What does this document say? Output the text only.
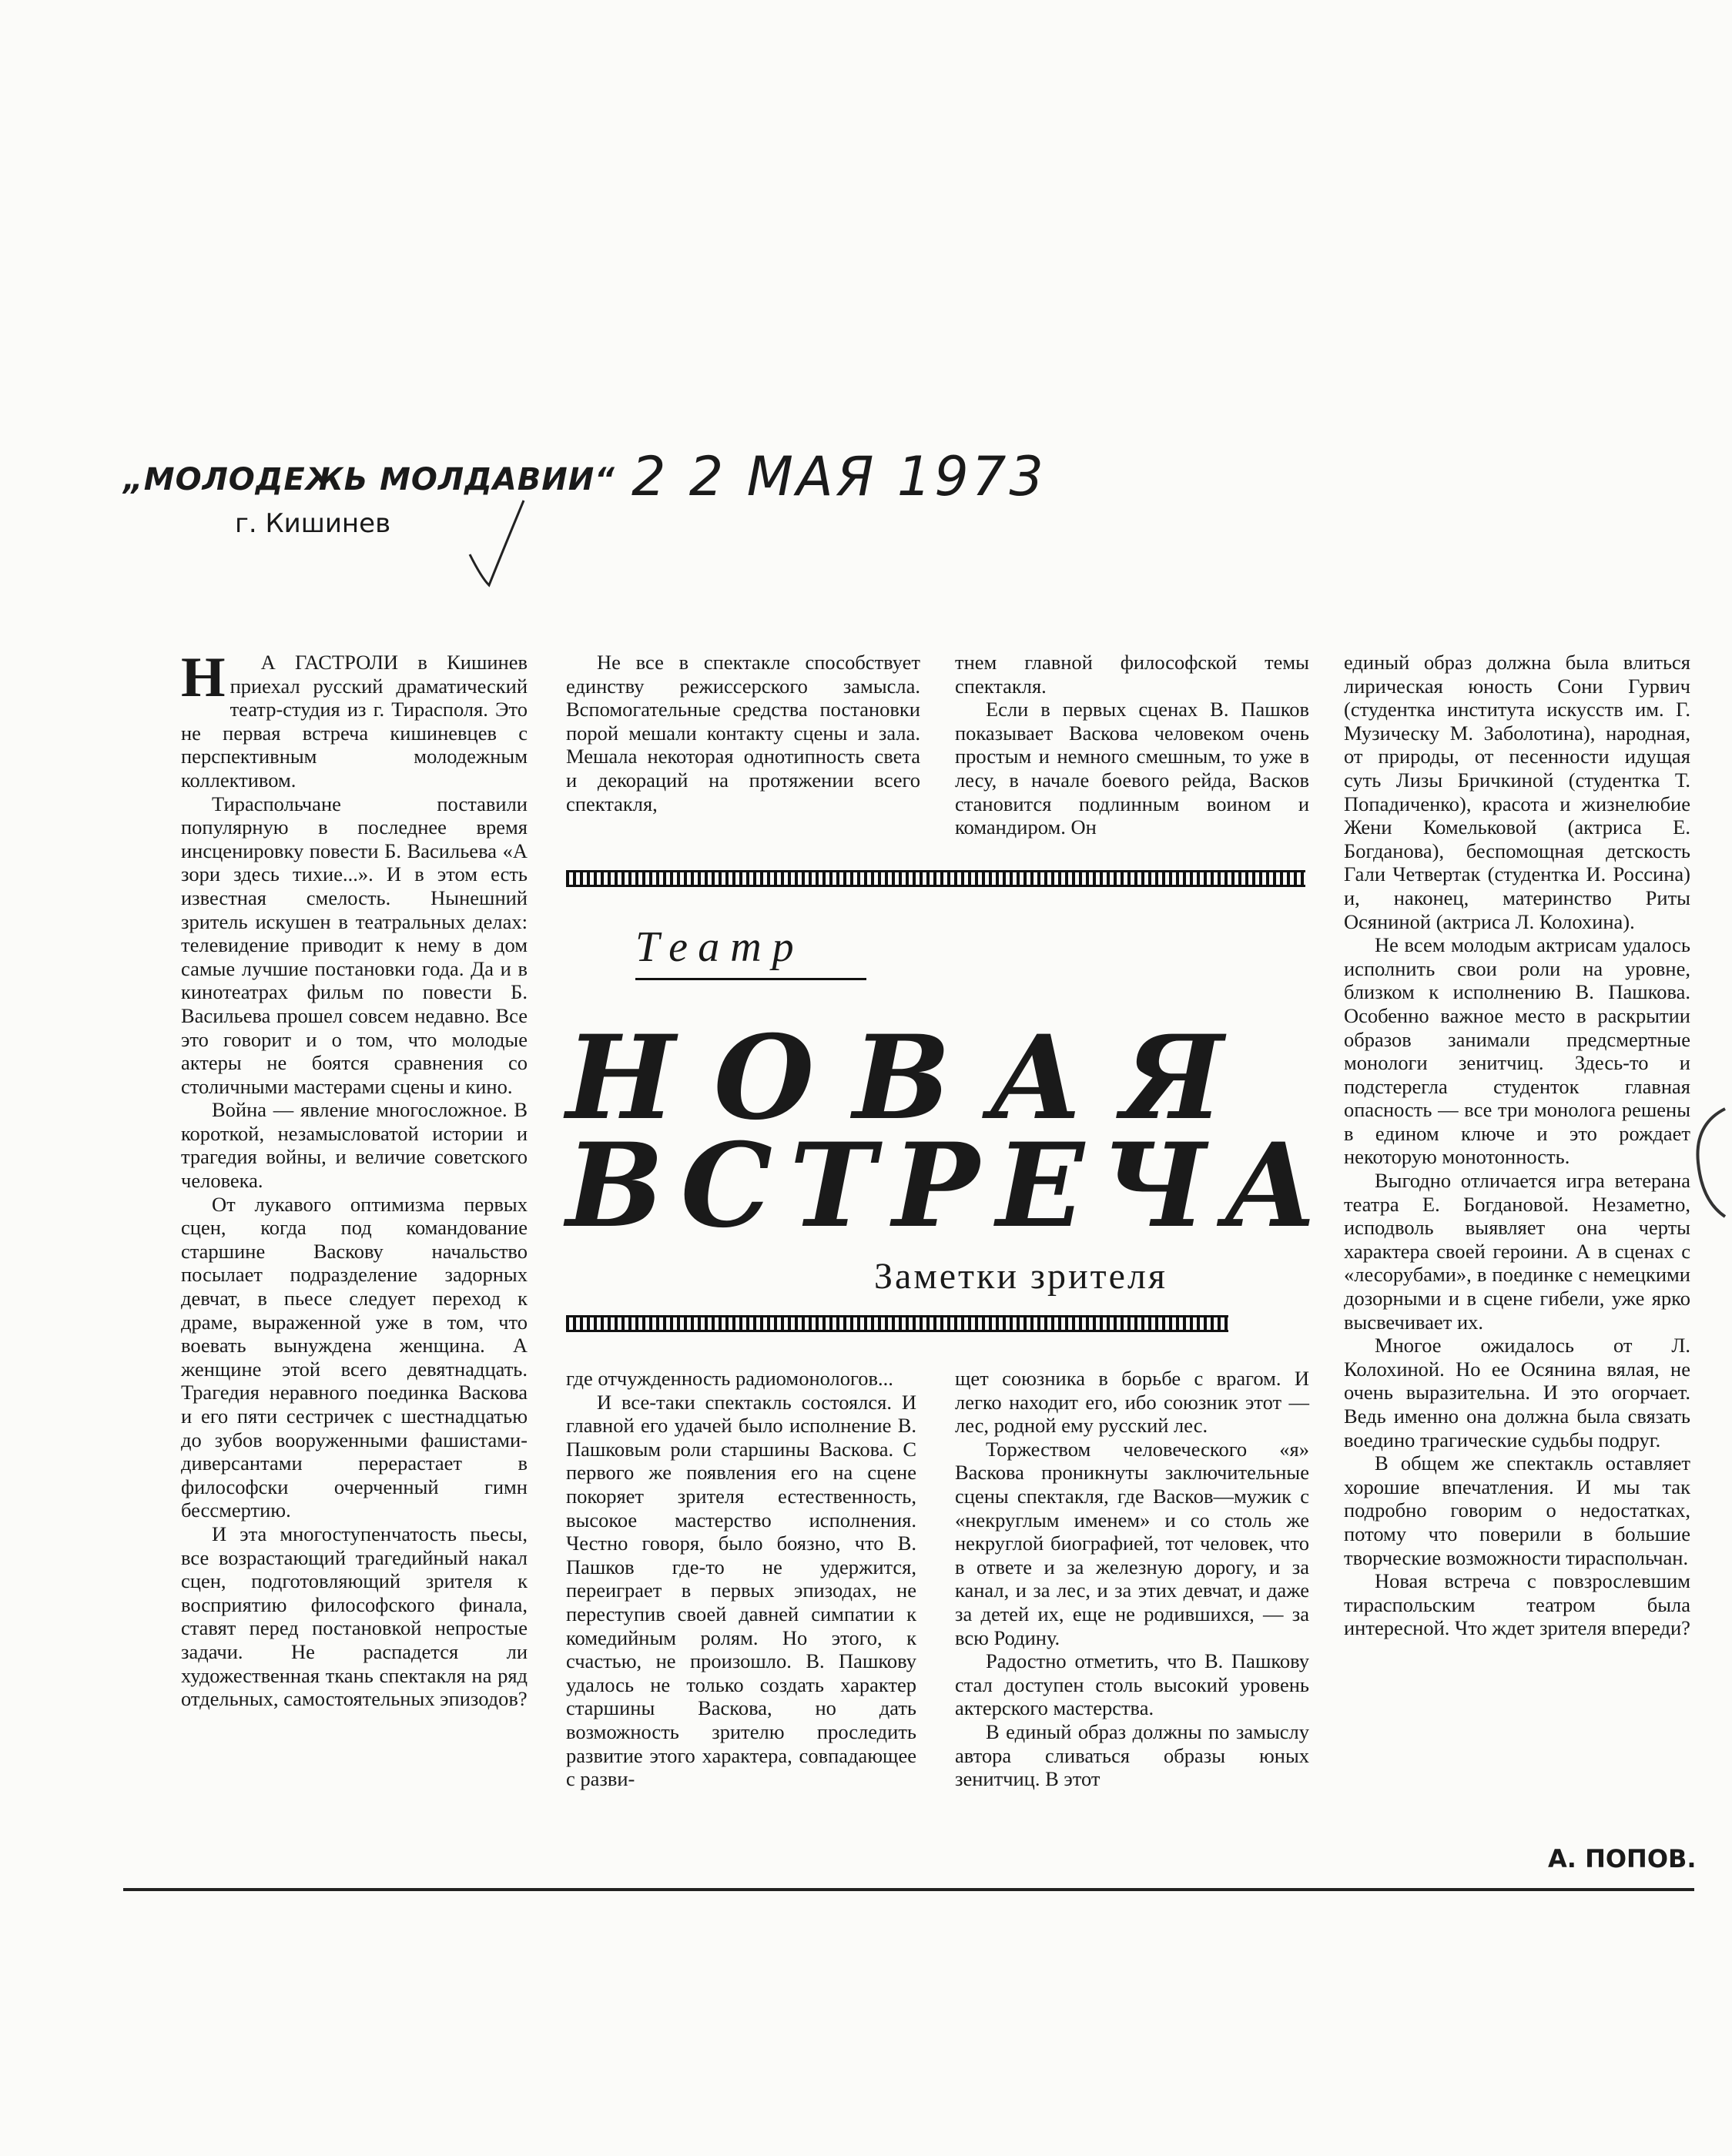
„МОЛОДЕЖЬ МОЛДАВИИ“
г. Кишинев
2 2 МАЯ 1973

Н А ГАСТРОЛИ в Кишинев приехал русский драматический театр-студия из г. Тирасполя. Это не первая встреча кишиневцев с перспективным молодежным коллективом.

Тираспольчане поставили популярную в последнее время инсценировку повести Б. Васильева «А зори здесь тихие...». И в этом есть известная смелость. Нынешний зритель искушен в театральных делах: телевидение приводит к нему в дом самые лучшие постановки года. Да и в кинотеатрах фильм по повести Б. Васильева прошел совсем недавно. Все это говорит и о том, что молодые актеры не боятся сравнения со столичными мастерами сцены и кино.

Война — явление многосложное. В короткой, незамысловатой истории и трагедия войны, и величие советского человека.

От лукавого оптимизма первых сцен, когда под командование старшине Васкову начальство посылает подразделение задорных девчат, в пьесе следует переход к драме, выраженной уже в том, что воевать вынуждена женщина. А женщине этой всего девятнадцать. Трагедия неравного поединка Васкова и его пяти сестричек с шестнадцатью до зубов вооруженными фашистами-диверсантами перерастает в философски очерченный гимн бессмертию.

И эта многоступенчатость пьесы, все возрастающий трагедийный накал сцен, подготовляющий зрителя к восприятию философского финала, ставят перед постановкой непростые задачи. Не распадется ли художественная ткань спектакля на ряд отдельных, самостоятельных эпизодов?

Не все в спектакле способствует единству режиссерского замысла. Вспомогательные средства постановки порой мешали контакту сцены и зала. Мешала некоторая однотипность света и декораций на протяжении всего спектакля,

тнем главной философской темы спектакля.

Если в первых сценах В. Пашков показывает Васкова человеком очень простым и немного смешным, то уже в лесу, в начале боевого рейда, Васков становится подлинным воином и командиром. Он

единый образ должна была влиться лирическая юность Сони Гурвич (студентка института искусств им. Г. Музическу М. Заболотина), народная, от природы, от песенности идущая суть Лизы Бричкиной (студентка Т. Попадиченко), красота и жизнелюбие Жени Комельковой (актриса Е. Богданова), беспомощная детскость Гали Четвертак (студентка И. Россина) и, наконец, материнство Риты Осяниной (актриса Л. Колохина).

Не всем молодым актрисам удалось исполнить свои роли на уровне, близком к исполнению В. Пашкова. Особенно важное место в раскрытии образов занимали предсмертные монологи зенитчиц. Здесь-то и подстерегла студенток главная опасность — все три монолога решены в едином ключе и это рождает некоторую монотонность.

Выгодно отличается игра ветерана театра Е. Богдановой. Незаметно, исподволь выявляет она черты характера своей героини. А в сценах с «лесорубами», в поединке с немецкими дозорными и в сцене гибели, уже ярко высвечивает их.

Многое ожидалось от Л. Колохиной. Но ее Осянина вялая, не очень выразительна. И это огорчает. Ведь именно она должна была связать воедино трагические судьбы подруг.

В общем же спектакль оставляет хорошие впечатления. И мы так подробно говорим о недостатках, потому что поверили в большие творческие возможности тираспольчан.

Новая встреча с повзрослевшим тираспольским театром была интересной. Что ждет зрителя впереди?

Театр
НОВАЯ
ВСТРЕЧА
Заметки зрителя

где отчужденность радиомонологов...

И все-таки спектакль состоялся. И главной его удачей было исполнение В. Пашковым роли старшины Васкова. С первого же появления его на сцене покоряет зрителя естественность, высокое мастерство исполнения. Честно говоря, было боязно, что В. Пашков где-то не удержится, переиграет в первых эпизодах, не переступив своей давней симпатии к комедийным ролям. Но этого, к счастью, не произошло. В. Пашкову удалось не только создать характер старшины Васкова, но дать возможность зрителю проследить развитие этого характера, совпадающее с разви-

щет союзника в борьбе с врагом. И легко находит его, ибо союзник этот — лес, родной ему русский лес.

Торжеством человеческого «я» Васкова проникнуты заключительные сцены спектакля, где Васков—мужик с «некруглым именем» и со столь же некруглой биографией, тот человек, что в ответе и за железную дорогу, и за канал, и за лес, и за этих девчат, и даже за детей их, еще не родившихся, — за всю Родину.

Радостно отметить, что В. Пашкову стал доступен столь высокий уровень актерского мастерства.

В единый образ должны по замыслу автора сливаться образы юных зенитчиц. В этот

А. ПОПОВ.
